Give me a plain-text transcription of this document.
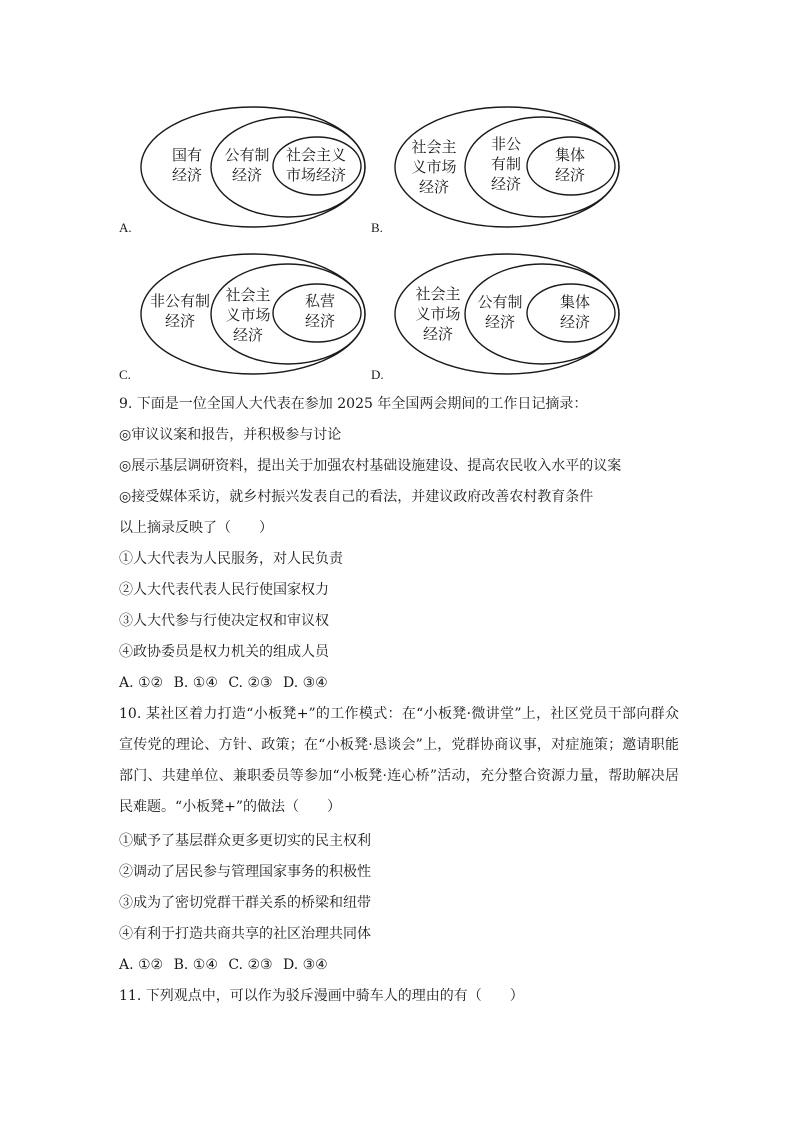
国有
经济
公有制
经济
社会主义
市场经济
A.
社会主
义市场
经济
非公
有制
经济
集体
经济
B.
非公有制
经济
社会主
义市场
经济
私营
经济
C.
社会主
义市场
经济
公有制
经济
集体
经济
D.
9. 下面是一位全国人大代表在参加 2025 年全国两会期间的工作日记摘录：
◎审议议案和报告，并积极参与讨论
◎展示基层调研资料，提出关于加强农村基础设施建设、提高农民收入水平的议案
◎接受媒体采访，就乡村振兴发表自己的看法，并建议政府改善农村教育条件
以上摘录反映了（　　）
①人大代表为人民服务，对人民负责
②人大代表代表人民行使国家权力
③人大代参与行使决定权和审议权
④政协委员是权力机关的组成人员
A. ①② B. ①④ C. ②③ D. ③④
10. 某社区着力打造“小板凳+”的工作模式：在“小板凳·微讲堂”上，社区党员干部向群众宣传党的理论、方针、政策；在“小板凳·恳谈会”上，党群协商议事，对症施策；邀请职能部门、共建单位、兼职委员等参加“小板凳·连心桥”活动，充分整合资源力量，帮助解决居民难题。“小板凳+”的做法（　　）
①赋予了基层群众更多更切实的民主权利
②调动了居民参与管理国家事务的积极性
③成为了密切党群干群关系的桥梁和纽带
④有利于打造共商共享的社区治理共同体
A. ①② B. ①④ C. ②③ D. ③④
11. 下列观点中，可以作为驳斥漫画中骑车人的理由的有（　　）
